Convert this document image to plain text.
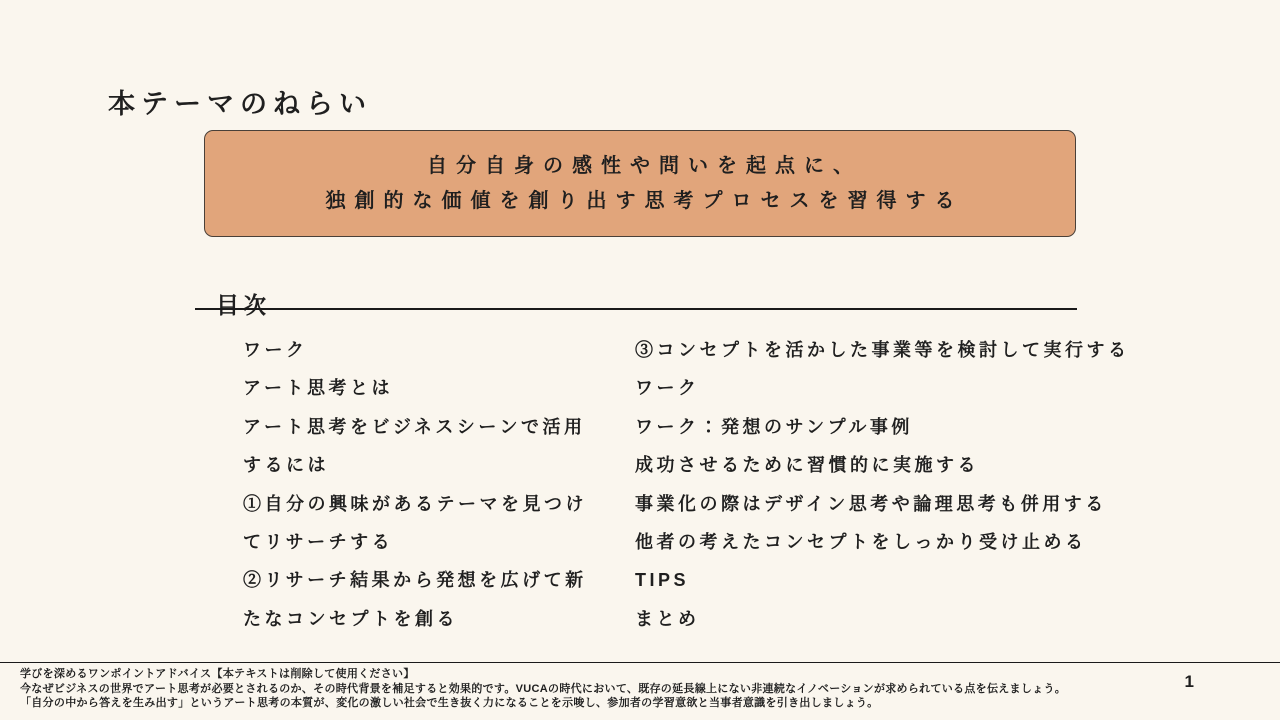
本テーマのねらい
自分自身の感性や問いを起点に、
独創的な価値を創り出す思考プロセスを習得する
目次
ワーク
アート思考とは
アート思考をビジネスシーンで活用するには
①自分の興味があるテーマを見つけてリサーチする
②リサーチ結果から発想を広げて新たなコンセプトを創る
③コンセプトを活かした事業等を検討して実行する
ワーク
ワーク：発想のサンプル事例
成功させるために習慣的に実施する
事業化の際はデザイン思考や論理思考も併用する
他者の考えたコンセプトをしっかり受け止める
TIPS
まとめ
学びを深めるワンポイントアドバイス【本テキストは削除して使用ください】
今なぜビジネスの世界でアート思考が必要とされるのか、その時代背景を補足すると効果的です。VUCAの時代において、既存の延長線上にない非連続なイノベーションが求められている点を伝えましょう。
「自分の中から答えを生み出す」というアート思考の本質が、変化の激しい社会で生き抜く力になることを示唆し、参加者の学習意欲と当事者意識を引き出しましょう。
1
